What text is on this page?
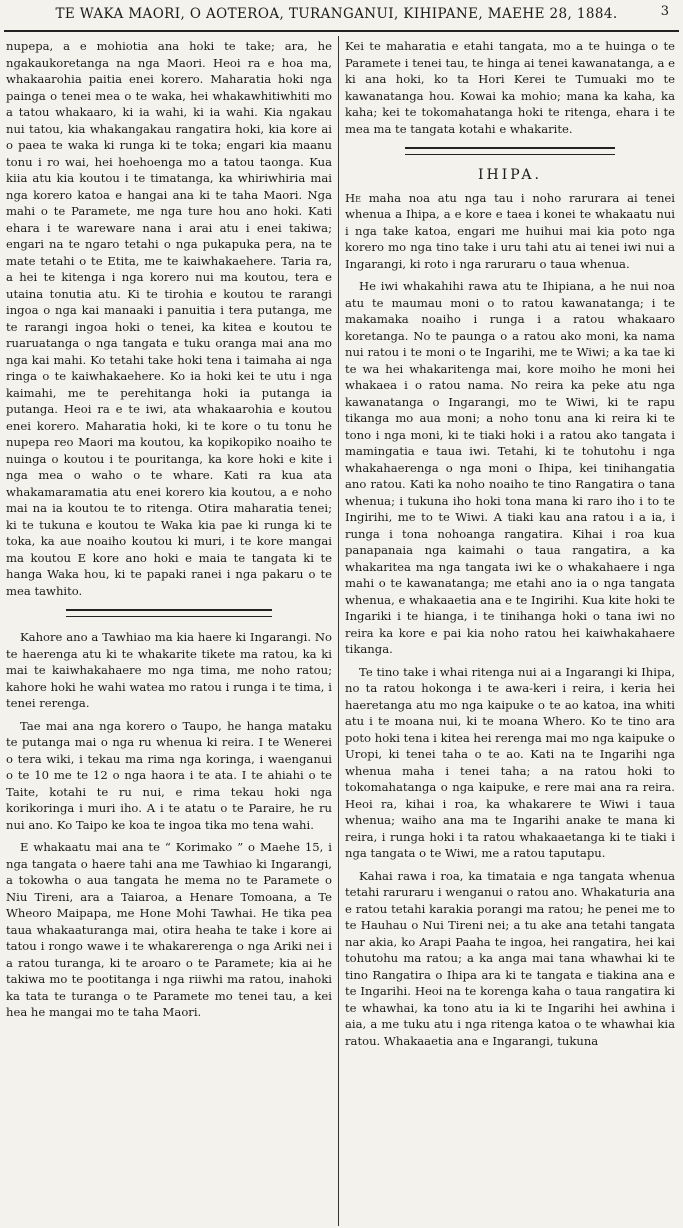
TE WAKA MAORI, O AOTEROA, TURANGANUI, KIHIPANE, MAEHE 28, 1884.	3

nupepa, a e mohiotia ana hoki te take; ara, he ngakaukoretanga na nga Maori. Heoi ra e hoa ma, whakaarohia paitia enei korero. Maharatia hoki nga painga o tenei mea o te waka, hei whakawhitiwhiti mo a tatou whakaaro, ki ia wahi, ki ia wahi. Kia ngakau nui tatou, kia whakangakau rangatira hoki, kia kore ai o paea te waka ki runga ki te toka; engari kia maanu tonu i ro wai, hei hoehoenga mo a tatou taonga. Kua kiia atu kia koutou i te timatanga, ka whiriwhiria mai nga korero katoa e hangai ana ki te taha Maori. Nga mahi o te Paramete, me nga ture hou ano hoki. Kati ehara i te wareware nana i arai atu i enei takiwa; engari na te ngaro tetahi o nga pukapuka pera, na te mate tetahi o te Etita, me te kaiwhakaehere. Taria ra, a hei te kitenga i nga korero nui ma koutou, tera e utaina tonutia atu. Ki te tirohia e koutou te rarangi ingoa o nga kai manaaki i panuitia i tera putanga, me te rarangi ingoa hoki o tenei, ka kitea e koutou te ruaruatanga o nga tangata e tuku oranga mai ana mo nga kai mahi. Ko tetahi take hoki tena i taimaha ai nga ringa o te kaiwhakaehere. Ko ia hoki kei te utu i nga kaimahi, me te perehitanga hoki ia putanga ia putanga. Heoi ra e te iwi, ata whakaarohia e koutou enei korero. Maharatia hoki, ki te kore o tu tonu he nupepa reo Maori ma koutou, ka kopikopiko noaiho te nuinga o koutou i te pouritanga, ka kore hoki e kite i nga mea o waho o te whare. Kati ra kua ata whakamaramatia atu enei korero kia koutou, a e noho mai na ia koutou te to ritenga. Otira maharatia tenei; ki te tukuna e koutou te Waka kia pae ki runga ki te toka, ka aue noaiho koutou ki muri, i te kore mangai ma koutou E kore ano hoki e maia te tangata ki te hanga Waka hou, ki te papaki ranei i nga pakaru o te mea tawhito.

Kahore ano a Tawhiao ma kia haere ki Ingarangi. No te haerenga atu ki te whakarite tikete ma ratou, ka ki mai te kaiwhakahaere mo nga tima, me noho ratou; kahore hoki he wahi watea mo ratou i runga i te tima, i tenei rerenga.

Tae mai ana nga korero o Taupo, he hanga mataku te putanga mai o nga ru whenua ki reira. I te Wenerei o tera wiki, i tekau ma rima nga koringa, i waenganui o te 10 me te 12 o nga haora i te ata. I te ahiahi o te Taite, kotahi te ru nui, e rima tekau hoki nga korikoringa i muri iho. A i te atatu o te Paraire, he ru nui ano. Ko Taipo ke koa te ingoa tika mo tena wahi.

E whakaatu mai ana te “ Korimako ” o Maehe 15, i nga tangata o haere tahi ana me Tawhiao ki Ingarangi, a tokowha o aua tangata he mema no te Paramete o Niu Tireni, ara a Taiaroa, a Henare Tomoana, a Te Wheoro Maipapa, me Hone Mohi Tawhai. He tika pea taua whakaaturanga mai, otira heaha te take i kore ai tatou i rongo wawe i te whakarerenga o nga Ariki nei i a ratou turanga, ki te aroaro o te Paramete; kia ai he takiwa mo te pootitanga i nga riiwhi ma ratou, inahoki ka tata te turanga o te Paramete mo tenei tau, a kei hea he mangai mo te taha Maori.

Kei te maharatia e etahi tangata, mo a te huinga o te Paramete i tenei tau, te hinga ai tenei kawanatanga, a e ki ana hoki, ko ta Hori Kerei te Tumuaki mo te kawanatanga hou. Kowai ka mohio; mana ka kaha, ka kaha; kei te tokomahatanga hoki te ritenga, ehara i te mea ma te tangata kotahi e whakarite.

IHIPA.

He maha noa atu nga tau i noho rarurara ai tenei whenua a Ihipa, a e kore e taea i konei te whakaatu nui i nga take katoa, engari me huihui mai kia poto nga korero mo nga tino take i uru tahi atu ai tenei iwi nui a Ingarangi, ki roto i nga raruraru o taua whenua.

He iwi whakahihi rawa atu te Ihipiana, a he nui noa atu te maumau moni o to ratou kawanatanga; i te makamaka noaiho i runga i a ratou whakaaro koretanga. No te paunga o a ratou ako moni, ka nama nui ratou i te moni o te Ingarihi, me te Wiwi; a ka tae ki te wa hei whakaritenga mai, kore moiho he moni hei whakaea i o ratou nama. No reira ka peke atu nga kawanatanga o Ingarangi, mo te Wiwi, ki te rapu tikanga mo aua moni; a noho tonu ana ki reira ki te tono i nga moni, ki te tiaki hoki i a ratou ako tangata i mamingatia e taua iwi. Tetahi, ki te tohutohu i nga whakahaerenga o nga moni o Ihipa, kei tinihangatia ano ratou. Kati ka noho noaiho te tino Rangatira o tana whenua; i tukuna iho hoki tona mana ki raro iho i to te Ingirihi, me to te Wiwi. A tiaki kau ana ratou i a ia, i runga i tona nohoanga rangatira. Kihai i roa kua panapanaia nga kaimahi o taua rangatira, a ka whakaritea ma nga tangata iwi ke o whakahaere i nga mahi o te kawanatanga; me etahi ano ia o nga tangata whenua, e whakaaetia ana e te Ingirihi. Kua kite hoki te Ingariki i te hianga, i te tinihanga hoki o tana iwi no reira ka kore e pai kia noho ratou hei kaiwhakahaere tikanga.

Te tino take i whai ritenga nui ai a Ingarangi ki Ihipa, no ta ratou hokonga i te awa-keri i reira, i keria hei haeretanga atu mo nga kaipuke o te ao katoa, ina whiti atu i te moana nui, ki te moana Whero. Ko te tino ara poto hoki tena i kitea hei rerenga mai mo nga kaipuke o Uropi, ki tenei taha o te ao. Kati na te Ingarihi nga whenua maha i tenei taha; a na ratou hoki to tokomahatanga o nga kaipuke, e rere mai ana ra reira. Heoi ra, kihai i roa, ka whakarere te Wiwi i taua whenua; waiho ana ma te Ingarihi anake te mana ki reira, i runga hoki i ta ratou whakaaetanga ki te tiaki i nga tangata o te Wiwi, me a ratou taputapu.

Kahai rawa i roa, ka timataia e nga tangata whenua tetahi raruraru i wenganui o ratou ano. Whakaturia ana e ratou tetahi karakia porangi ma ratou; he penei me to te Hauhau o Nui Tireni nei; a tu ake ana tetahi tangata nar akia, ko Arapi Paaha te ingoa, hei rangatira, hei kai tohutohu ma ratou; a ka anga mai tana whawhai ki te tino Rangatira o Ihipa ara ki te tangata e tiakina ana e te Ingarihi. Heoi na te korenga kaha o taua rangatira ki te whawhai, ka tono atu ia ki te Ingarihi hei awhina i aia, a me tuku atu i nga ritenga katoa o te whawhai kia ratou. Whakaaetia ana e Ingarangi, tukuna
